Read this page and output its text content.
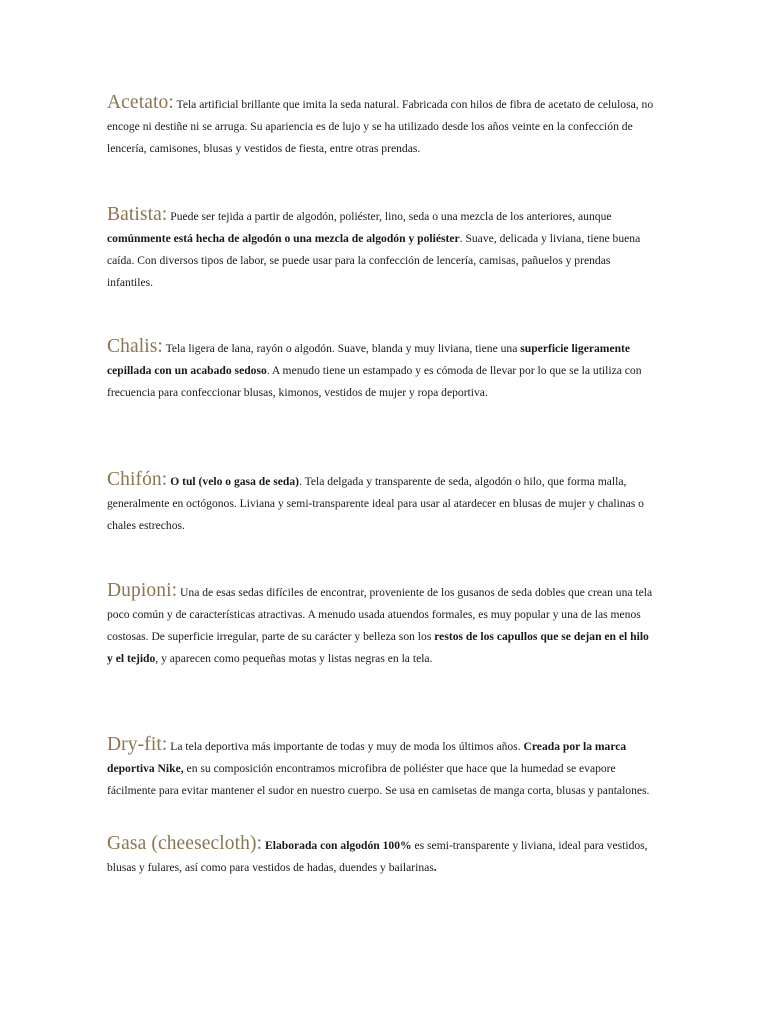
Acetato: Tela artificial brillante que imita la seda natural. Fabricada con hilos de fibra de acetato de celulosa, no encoge ni destiñe ni se arruga. Su apariencia es de lujo y se ha utilizado desde los años veinte en la confección de lencería, camisones, blusas y vestidos de fiesta, entre otras prendas.

Batista: Puede ser tejida a partir de algodón, poliéster, lino, seda o una mezcla de los anteriores, aunque comúnmente está hecha de algodón o una mezcla de algodón y poliéster. Suave, delicada y liviana, tiene buena caída. Con diversos tipos de labor, se puede usar para la confección de lencería, camisas, pañuelos y prendas infantiles.

Chalis: Tela ligera de lana, rayón o algodón. Suave, blanda y muy liviana, tiene una superficie ligeramente cepillada con un acabado sedoso. A menudo tiene un estampado y es cómoda de llevar por lo que se la utiliza con frecuencia para confeccionar blusas, kimonos, vestidos de mujer y ropa deportiva.

Chifón: O tul (velo o gasa de seda). Tela delgada y transparente de seda, algodón o hilo, que forma malla, generalmente en octógonos. Liviana y semi-transparente ideal para usar al atardecer en blusas de mujer y chalinas o chales estrechos.

Dupioni: Una de esas sedas difíciles de encontrar, proveniente de los gusanos de seda dobles que crean una tela poco común y de características atractivas. A menudo usada atuendos formales, es muy popular y una de las menos costosas. De superficie irregular, parte de su carácter y belleza son los restos de los capullos que se dejan en el hilo y el tejido, y aparecen como pequeñas motas y listas negras en la tela.

Dry-fit: La tela deportiva más importante de todas y muy de moda los últimos años. Creada por la marca deportiva Nike, en su composición encontramos microfibra de poliéster que hace que la humedad se evapore fácilmente para evitar mantener el sudor en nuestro cuerpo. Se usa en camisetas de manga corta, blusas y pantalones.

Gasa (cheesecloth): Elaborada con algodón 100% es semi-transparente y liviana, ideal para vestidos, blusas y fulares, así como para vestidos de hadas, duendes y bailarinas.
